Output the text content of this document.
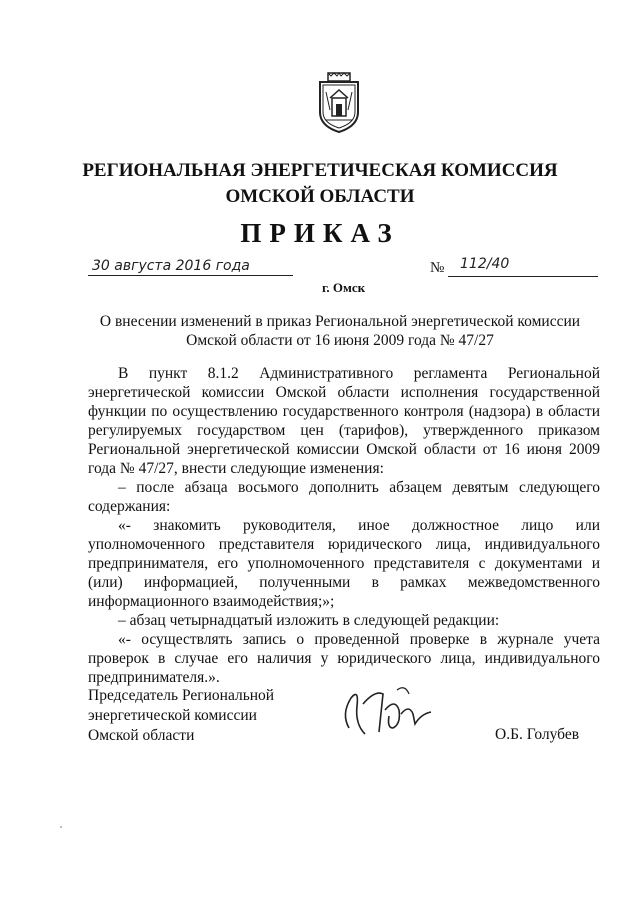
РЕГИОНАЛЬНАЯ ЭНЕРГЕТИЧЕСКАЯ КОМИССИЯ
ОМСКОЙ ОБЛАСТИ
ПРИКАЗ
30 августа 2016 года	№ 112/40
г. Омск
О внесении изменений в приказ Региональной энергетической комиссии
Омской области от 16 июня 2009 года № 47/27

В пункт 8.1.2 Административного регламента Региональной энергетической комиссии Омской области исполнения государственной функции по осуществлению государственного контроля (надзора) в области регулируемых государством цен (тарифов), утвержденного приказом Региональной энергетической комиссии Омской области от 16 июня 2009 года № 47/27, внести следующие изменения:

– после абзаца восьмого дополнить абзацем девятым следующего содержания:

«- знакомить руководителя, иное должностное лицо или уполномоченного представителя юридического лица, индивидуального предпринимателя, его уполномоченного представителя с документами и (или) информацией, полученными в рамках межведомственного информационного взаимодействия;»;

– абзац четырнадцатый изложить в следующей редакции:

«- осуществлять запись о проведенной проверке в журнале учета проверок в случае его наличия у юридического лица, индивидуального предпринимателя.».

Председатель Региональной
энергетической комиссии
Омской области	О.Б. Голубев
